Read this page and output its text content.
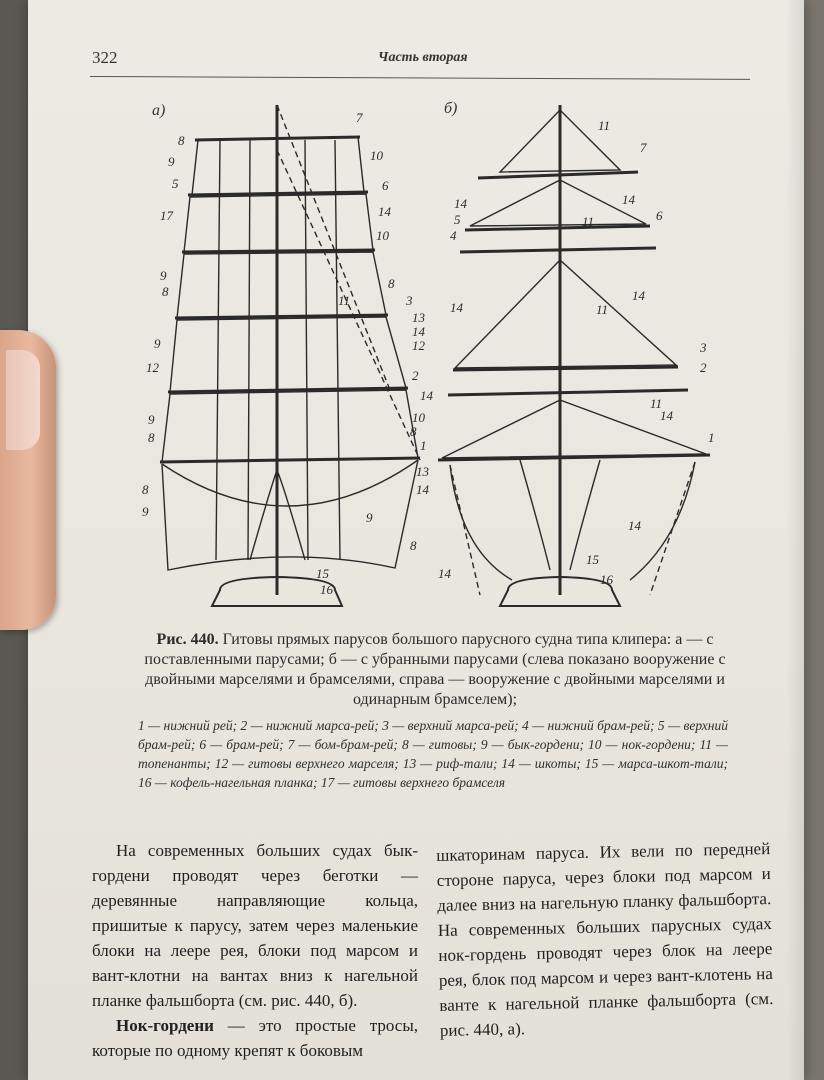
322	Часть вторая
а)	б)
7
8
9	10
5	6
17	14
10
9
8
8
11	3
13
14
12
9
12
2
14
9
8
10
8
1
13
14
8
9	9
8
15
16
11
7
14	14
5	6
4
11
14
14
11
3
2
11
14
1
14
15
16
14
Рис. 440. Гитовы прямых парусов большого парусного судна типа клипера: а — с поставленными парусами; б — с убранными парусами (слева показано вооружение с двойными марселями и брамселями, справа — вооружение с двойными марселями и одинарным брамселем);
1 — нижний рей; 2 — нижний марса-рей; 3 — верхний марса-рей; 4 — нижний брам-рей; 5 — верхний брам-рей; 6 — брам-рей; 7 — бом-брам-рей; 8 — гитовы; 9 — бык-гордени; 10 — нок-гордени; 11 — топенанты; 12 — гитовы верхнего марселя; 13 — риф-тали; 14 — шкоты; 15 — марса-шкот-тали; 16 — кофель-нагельная планка; 17 — гитовы верхнего брамселя

На современных больших судах бык-гордени проводят через беготки — деревянные направляющие кольца, пришитые к парусу, затем через маленькие блоки на леере рея, блоки под марсом и вант-клотни на вантах вниз к нагельной планке фальшборта (см. рис. 440, б).

Нок-гордени — это простые тросы, которые по одному крепят к боковым

шкаторинам паруса. Их вели по передней стороне паруса, через блоки под марсом и далее вниз на нагельную планку фальшборта. На современных больших парусных судах нок-гордень проводят через блок на леере рея, блок под марсом и через вант-клотень на ванте к нагельной планке фальшборта (см. рис. 440, а).
